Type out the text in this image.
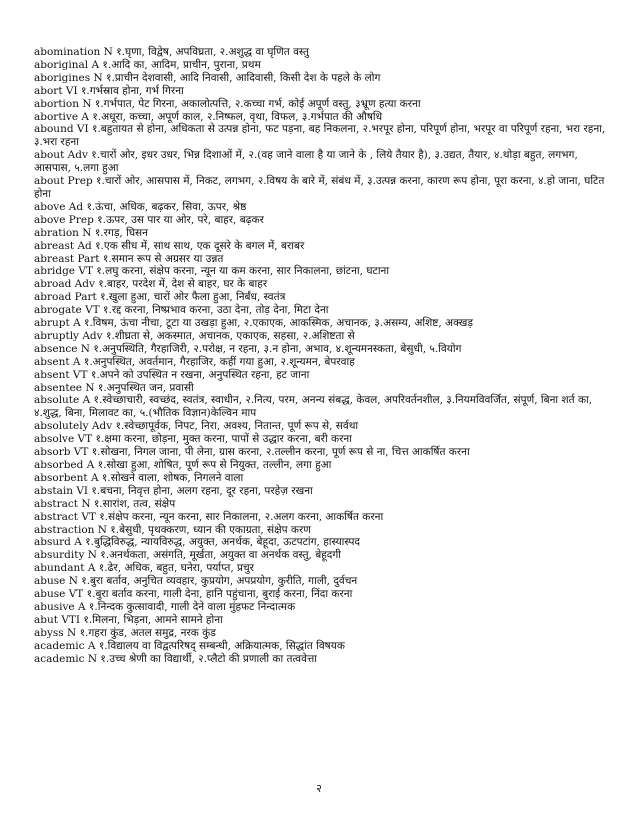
abomination N १.घृणा, विद्वेष, अपविघ्रता, २.अशुद्ध वा घृणित वस्तु

aboriginal A १.आदि का, आदिम, प्राचीन, पुराना, प्रथम

aborigines N १.प्राचीन देशवासी, आदि निवासी, आदिवासी, किसी देश के पहले के लोग

abort VI १.गर्भस्राव होना, गर्भ गिरना

abortion N १.गर्भपात, पेट गिरना, अकालोत्पत्ति, २.कच्चा गर्भ, कोई अपूर्ण वस्तु, ३भ्रूण हत्या करना

abortive A १.अधूरा, कच्चा, अपूर्ण काल, २.निष्फल, वृथा, विफल, ३.गर्भपात की औषधि

abound VI १.बहुतायत से होना, अधिकता से उत्पन्न होना, फट पड़ना, बह निकलना, २.भरपूर होना, परिपूर्ण होना, भरपूर वा परिपूर्ण रहना, भरा रहना, ३.भरा रहना

about Adv १.चारों ओर, इधर उधर, भिन्न दिशाओं में, २.(वह जाने वाला है या जाने के , लिये तैयार है), ३.उद्यत, तैयार, ४.थोड़ा बहुत, लगभग, आसपास, ५.लगा हुआ

about Prep १.चारों ओर, आसपास में, निकट, लगभग, २.विषय के बारे में, संबंध में, ३.उत्पन्न करना, कारण रूप होना, पूरा करना, ४.हो जाना, घटित होना

above Ad १.ऊंचा, अधिक, बढ़कर, सिवा, ऊपर, श्रेष्ठ

above Prep १.ऊपर, उस पार या ओर, परे, बाहर, बढ़कर

abration N १.रगड़, घिसन

abreast Ad १.एक सीध में, साथ साथ, एक दूसरे के बगल में, बराबर

abreast Part १.समान रूप से अग्रसर या उन्नत

abridge VT १.लघु करना, संक्षेप करना, न्यून या कम करना, सार निकालना, छांटना, घटाना

abroad Adv १.बाहर, परदेश में, देश से बाहर, घर के बाहर

abroad Part १.खुला हुआ, चारों ओर फैला हुआ, निर्बंध, स्वतंत्र

abrogate VT १.रद्द करना, निष्प्रभाव करना, उठा देना, तोड़ देना, मिटा देना

abrupt A १.विषम, ऊंचा नीचा, टूटा या उखड़ा हुआ, २.एकाएक, आकस्मिक, अचानक, ३.असम्य, अशिष्ट, अक्खड़

abruptly Adv १.शीघ्रता से, अकस्मात, अचानक, एकाएक, सहसा, २.अशिष्टता से

absence N १.अनुपस्थिति, गैरहाजिरी, २.परोक्ष, न रहना, ३.न होना, अभाव, ४.शून्यमनस्कता, बेसुधी, ५.वियोग

absent A १.अनुपस्थित, अवर्तमान, गैरहाजिर, कहीं गया हुआ, २.शून्यमन, बेपरवाह

absent VT १.अपने को उपस्थित न रखना, अनुपस्थित रहना, हट जाना

absentee N १.अनुपस्थित जन, प्रवासी

absolute A १.स्वेच्छाचारी, स्वच्छंद, स्वतंत्र, स्वाधीन, २.नित्य, परम, अनन्य संबद्ध, केवल, अपरिवर्तनशील, ३.नियमविवर्जित, संपूर्ण, बिना शर्त का, ४.शुद्ध, बिना, मिलावट का, ५.(भौतिक विज्ञान)केल्विन माप

absolutely Adv १.स्वेच्छापूर्वक, निपट, निरा, अवश्य, नितान्त, पूर्ण रूप से, सर्वथा

absolve VT १.क्षमा करना, छोड़ना, मुक्त करना, पापों से उद्धार करना, बरी करना

absorb VT १.सोखना, निगल जाना, पी लेना, ग्रास करना, २.तल्लीन करना, पूर्ण रूप से ना, चित्त आकर्षित करना

absorbed A १.सोखा हुआ, शोषित, पूर्ण रूप से नियुक्त, तल्लीन, लगा हुआ

absorbent A १.सोखने वाला, शोषक, निगलने वाला

abstain VI १.बचना, निवृत्त होना, अलग रहना, दूर रहना, परहेज़ रखना

abstract N १.सारांश, तत्व, संक्षेप

abstract VT १.संक्षेप करना, न्यून करना, सार निकालना, २.अलग करना, आकर्षित करना

abstraction N १.बेसुधी, पृथक्करण, ध्यान की एकाग्रता, संक्षेप करण

absurd A १.बुद्धिविरुद्ध, न्यायविरुद्ध, अयुक्त, अनर्थक, बेहूदा, ऊटपटांग, हास्यास्पद

absurdity N १.अनर्थकता, असंगति, मूर्खता, अयुक्त वा अनर्थक वस्तु, बेहूदगी

abundant A १.ढेर, अधिक, बहुत, घनेरा, पर्याप्त, प्रचुर

abuse N १.बुरा बर्ताव, अनुचित व्यवहार, कुप्रयोग, अपप्रयोग, कुरीति, गाली, दुर्वचन

abuse VT १.बुरा बर्ताव करना, गाली देना, हानि पहुंचाना, बुराई करना, निंदा करना

abusive A १.निन्दक कुत्सावादी, गाली देने वाला मुंहफट निन्दात्मक

abut VTI १.मिलना, भिड़ना, आमने सामने होना

abyss N १.गहरा कुंड, अतल समुद्र, नरक कुंड

academic A १.विद्यालय वा विद्वत्परिषद् सम्बन्धी, अक्रियात्मक, सिद्धांत विषयक

academic N १.उच्च श्रेणी का विद्यार्थी, २.प्लैटो की प्रणाली का तत्ववेत्ता

२
